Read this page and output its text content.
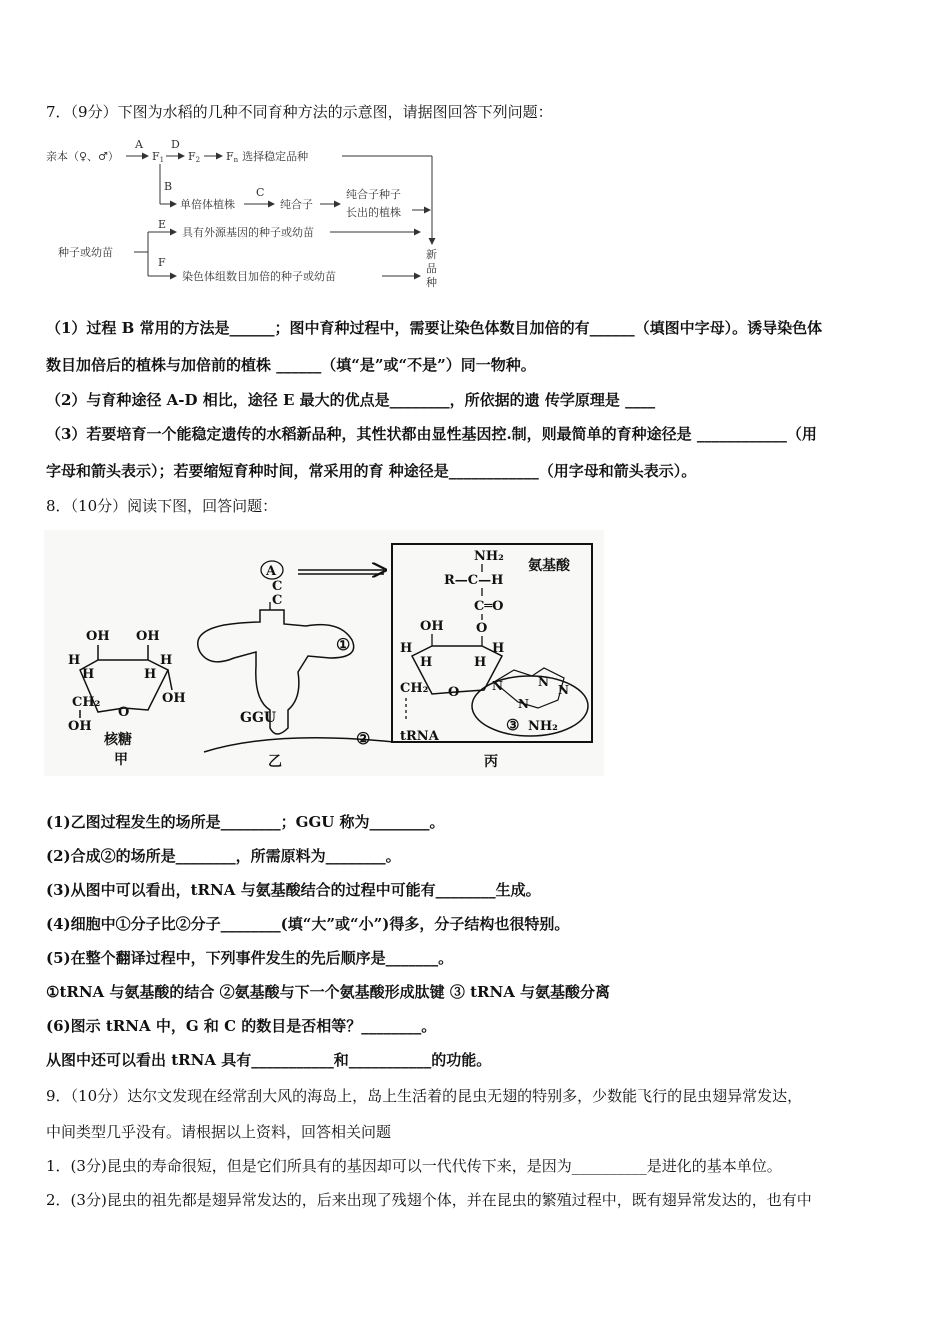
7．（9分）下图为水稻的几种不同育种方法的示意图，请据图回答下列问题：
亲本（♀、♂）
A
F1
D
F2 Fn 选择稳定品种
B
单倍体植株
C
纯合子
纯合子种子
长出的植株
种子或幼苗
E
具有外源基因的种子或幼苗
F
染色体组数目加倍的种子或幼苗
新
品
种
（1）过程 B 常用的方法是______；图中育种过程中，需要让染色体数目加倍的有______（填图中字母）。诱导染色体
数目加倍后的植株与加倍前的植株 ______（填“是”或“不是”）同一物种。
（2）与育种途径 A-D 相比，途径 E 最大的优点是________，所依据的遗 传学原理是 ____
（3）若要培育一个能稳定遗传的水稻新品种，其性状都由显性基因控.制，则最简单的育种途径是 ____________（用
字母和箭头表示）；若要缩短育种时间，常采用的育 种途径是____________（用字母和箭头表示）。
8．（10分）阅读下图，回答问题：
OH OH
H	H
H	H
OH
CH₂
O
OH
核糖
甲
A
C
C
①
GGU
②
乙
NH₂
R—C—H
氨基酸
C═O
O
OH
H	H
H	H
CH₂ O
tRNA
N
N
N
N
③ NH₂
丙
(1)乙图过程发生的场所是________；GGU 称为________。
(2)合成②的场所是________，所需原料为________。
(3)从图中可以看出，tRNA 与氨基酸结合的过程中可能有________生成。
(4)细胞中①分子比②分子________(填“大”或“小”)得多，分子结构也很特别。
(5)在整个翻译过程中，下列事件发生的先后顺序是_______。
①tRNA 与氨基酸的结合 ②氨基酸与下一个氨基酸形成肽键 ③ tRNA 与氨基酸分离
(6)图示 tRNA 中，G 和 C 的数目是否相等？________。
从图中还可以看出 tRNA 具有___________和___________的功能。
9．（10分）达尔文发现在经常刮大风的海岛上，岛上生活着的昆虫无翅的特别多，少数能飞行的昆虫翅异常发达，
中间类型几乎没有。请根据以上资料，回答相关问题
1．(3分)昆虫的寿命很短，但是它们所具有的基因却可以一代代传下来，是因为__________是进化的基本单位。
2．(3分)昆虫的祖先都是翅异常发达的，后来出现了残翅个体，并在昆虫的繁殖过程中，既有翅异常发达的，也有中
